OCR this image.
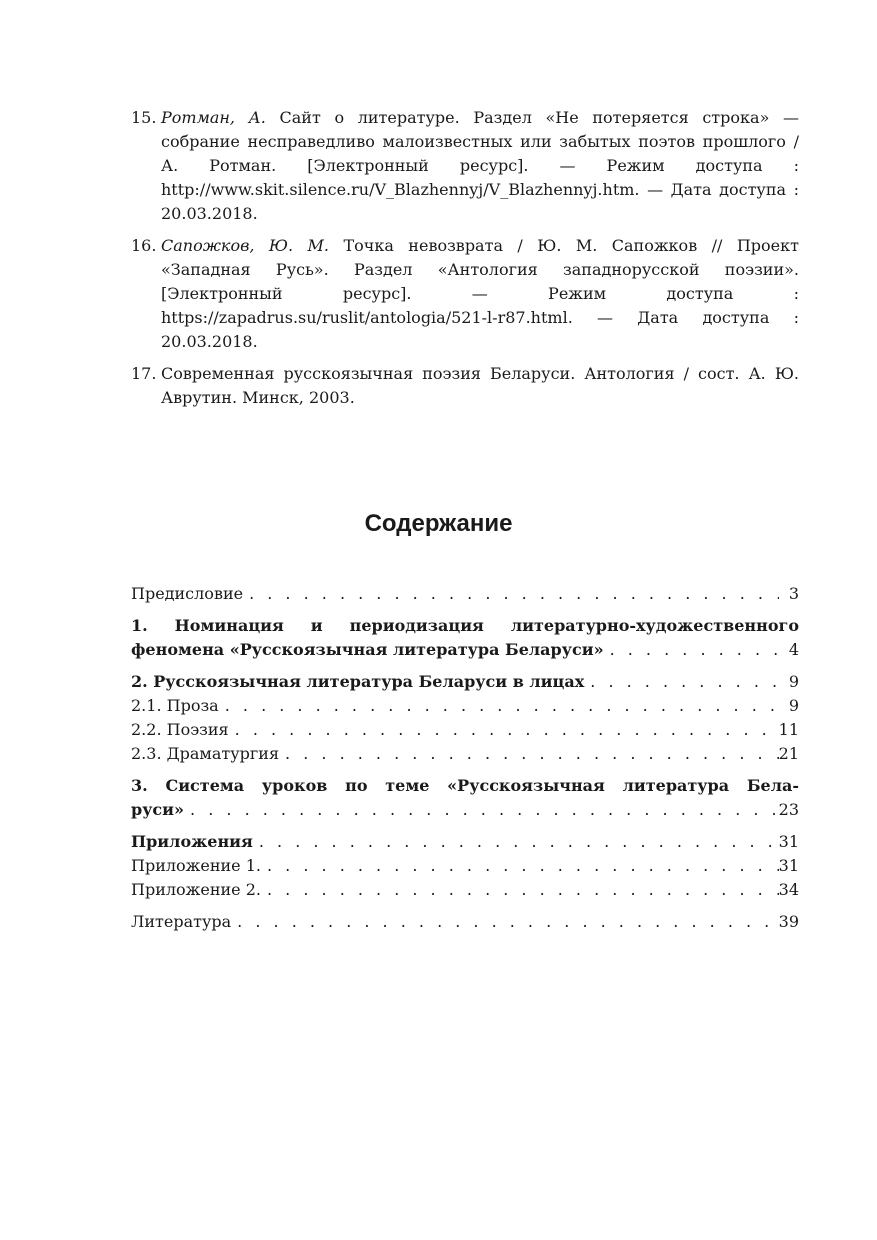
15. Ротман, А. Сайт о литературе. Раздел «Не потеряется строка» — собрание несправедливо малоизвестных или забытых поэтов прошлого / А. Ротман. [Электронный ресурс]. — Режим доступа : http://www.skit.silence.ru/V_Blazhennyj/V_Blazhennyj.htm. — Дата доступа : 20.03.2018.
16. Сапожков, Ю. М. Точка невозврата / Ю. М. Сапожков // Проект «Западная Русь». Раздел «Антология западнорусской поэзии». [Электронный ресурс]. — Режим доступа : https://zapadrus.su/ruslit/antologia/521-l-r87.html. — Дата доступа : 20.03.2018.
17. Современная русскоязычная поэзия Беларуси. Антология / сост. А. Ю. Аврутин. Минск, 2003.
Содержание
Предисловие . . .	3
1. Номинация и периодизация литературно-художественного
феномена «Русскоязычная литература Беларуси» . . .	4
2. Русскоязычная литература Беларуси в лицах . . .	9
2.1. Проза . . .	9
2.2. Поэзия . . .	11
2.3. Драматургия . . .	21
3. Система уроков по теме «Русскоязычная литература Бела-
руси» . . .	23
Приложения . . .	31
Приложение 1. . . .	31
Приложение 2. . . .	34
Литература . . .	39
